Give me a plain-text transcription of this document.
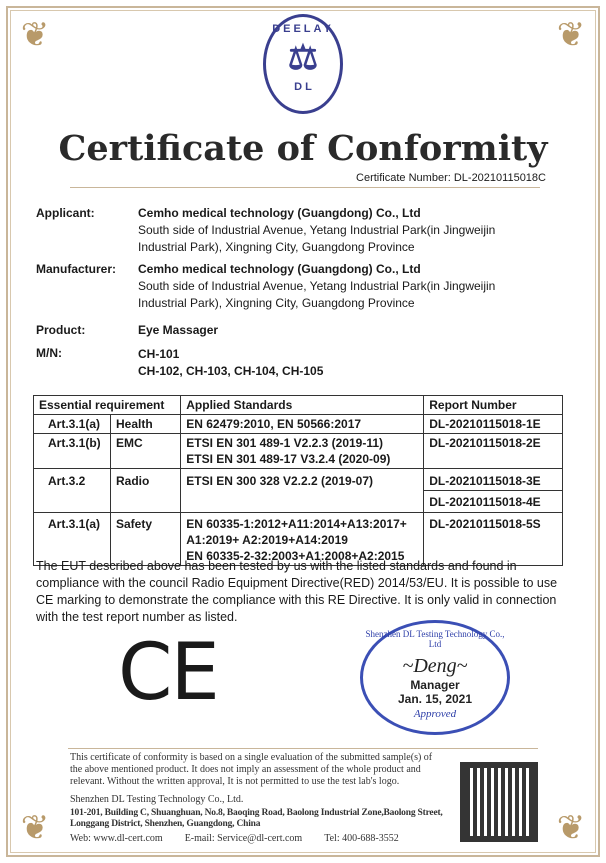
❦	❦
❦	❦
DEELAY
⚖
D L
Certificate of Conformity
Certificate Number: DL-20210115018C
Applicant:	Cemho medical technology (Guangdong) Co., Ltd
South side of Industrial Avenue, Yetang Industrial Park(in Jingweijin
Industrial Park), Xingning City, Guangdong Province
Manufacturer: Cemho medical technology (Guangdong) Co., Ltd
South side of Industrial Avenue, Yetang Industrial Park(in Jingweijin
Industrial Park), Xingning City, Guangdong Province
Product:	Eye Massager
M/N:	CH-101
CH-102, CH-103, CH-104, CH-105
Essential requirement		Applied Standards	Report Number
Art.3.1(a)	Health	EN 62479:2010, EN 50566:2017	DL-20210115018-1E
Art.3.1(b)	EMC	ETSI EN 301 489-1 V2.2.3 (2019-11)
ETSI EN 301 489-17 V3.2.4 (2020-09)	DL-20210115018-2E
Art.3.2	Radio	ETSI EN 300 328 V2.2.2 (2019-07)	DL-20210115018-3E
			DL-20210115018-4E
Art.3.1(a)	Safety	EN 60335-1:2012+A11:2014+A13:2017+
A1:2019+ A2:2019+A14:2019
EN 60335-2-32:2003+A1:2008+A2:2015	DL-20210115018-5S
The EUT described above has been tested by us with the listed standards and found in compliance with the council Radio Equipment Directive(RED) 2014/53/EU. It is possible to use CE marking to demonstrate the compliance with this RE Directive. It is only valid in connection with the test report number as listed.
CE	Shenzhen DL Testing Technology Co., Ltd
~Deng~
Manager
Jan. 15, 2021
Approved
This certificate of conformity is based on a single evaluation of the submitted sample(s) of
the above mentioned product. It does not imply an assessment of the whole product and
relevant. Without the written approval, It is not permitted to use the test lab's logo.
Shenzhen DL Testing Technology Co., Ltd.
101-201, Building C, Shuanghuan, No.8, Baoqing Road, Baolong Industrial Zone,Baolong Street,
Longgang District, Shenzhen, Guangdong, China
Web: www.dl-cert.com E-mail: Service@dl-cert.com Tel: 400-688-3552
